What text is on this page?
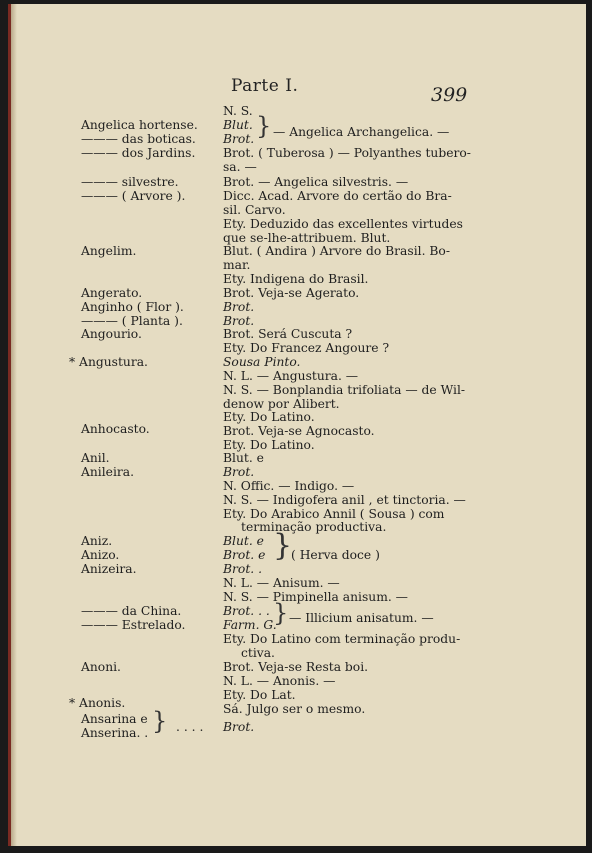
Parte I.	399
Angelica hortense.
——— das boticas.
——— dos Jardins.
——— silvestre.
——— ( Arvore ).
Angelim.
Angerato.
Anginho ( Flor ).
——— ( Planta ).
Angourio.
* Angustura.
Anhocasto.
Anil.
Anileira.
Aniz.
Anizo.
Anizeira.
——— da China.
——— Estrelado.
Anoni.
* Anonis.
Ansarina e
Anserina. . } . . . .
N. S.
Blut.
Brot. } — Angelica Archangelica. —
Brot. ( Tuberosa ) — Polyanthes tubero-
sa. —
Brot. — Angelica silvestris. —
Dicc. Acad. Arvore do certão do Bra-
sil. Carvo.
Ety. Deduzido das excellentes virtudes
que se-lhe-attribuem. Blut.
Blut. ( Andira ) Arvore do Brasil. Bo-
mar.
Ety. Indigena do Brasil.
Brot. Veja-se Agerato.
Brot.
Brot.
Brot. Será Cuscuta ?
Ety. Do Francez Angoure ?
Sousa Pinto.
N. L. — Angustura. —
N. S. — Bonplandia trifoliata — de Wil-
denow por Alibert.
Ety. Do Latino.
Brot. Veja-se Agnocasto.
Ety. Do Latino.
Blut. e
Brot.
N. Offic. — Indigo. —
N. S. — Indigofera anil , et tinctoria. —
Ety. Do Arabico Annil ( Sousa ) com
terminação productiva.
Blut. e
Brot. e
Brot. .
}
( Herva doce )
N. L. — Anisum. —
N. S. — Pimpinella anisum. —
Brot. . .
Farm. G.
} — Illicium anisatum. —
Ety. Do Latino com terminação produ-
ctiva.
Brot. Veja-se Resta boi.
N. L. — Anonis. —
Ety. Do Lat.
Sá. Julgo ser o mesmo.
Brot.
